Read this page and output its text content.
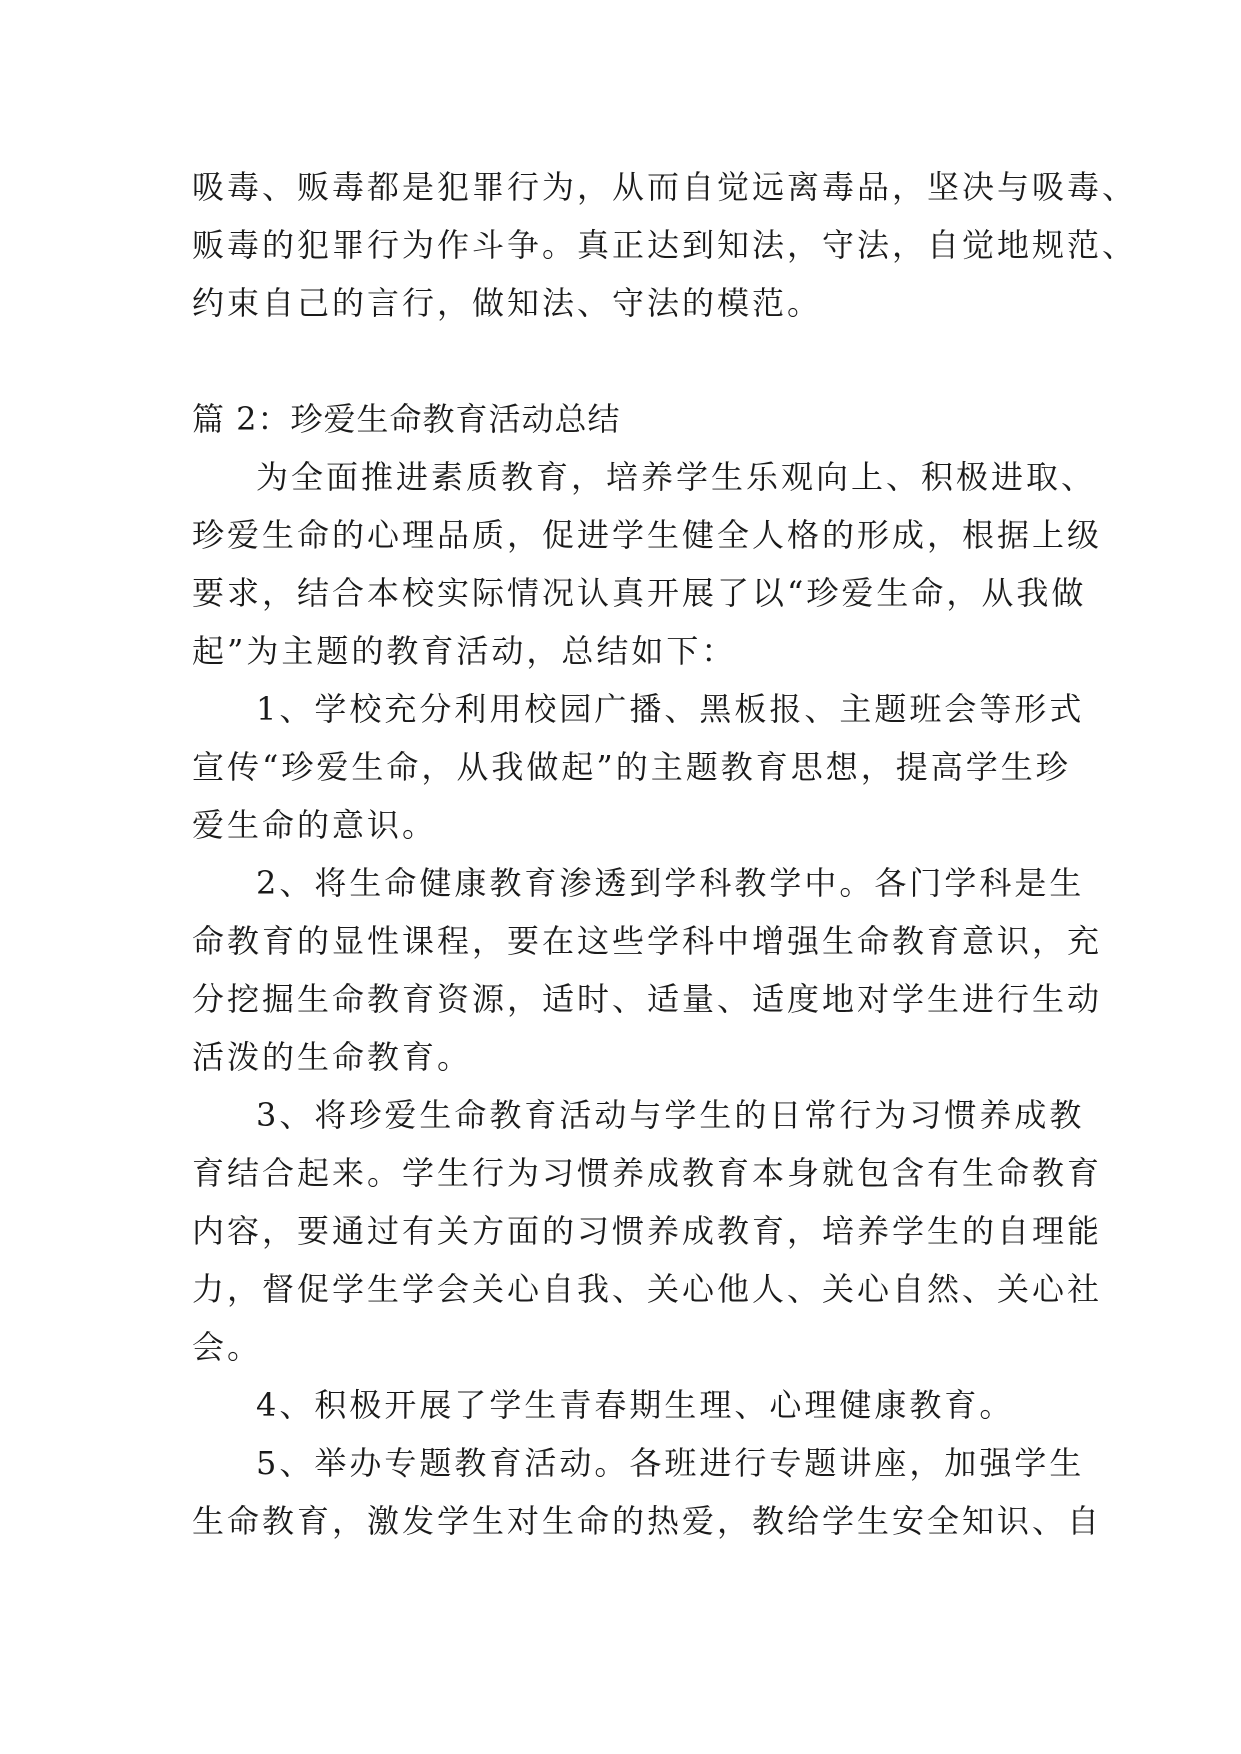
吸毒、贩毒都是犯罪行为，从而自觉远离毒品，坚决与吸毒、
贩毒的犯罪行为作斗争。真正达到知法，守法，自觉地规范、
约束自己的言行，做知法、守法的模范。
篇 2：珍爱生命教育活动总结
为全面推进素质教育，培养学生乐观向上、积极进取、
珍爱生命的心理品质，促进学生健全人格的形成，根据上级
要求，结合本校实际情况认真开展了以“珍爱生命，从我做
起”为主题的教育活动，总结如下：
1、学校充分利用校园广播、黑板报、主题班会等形式
宣传“珍爱生命，从我做起”的主题教育思想，提高学生珍
爱生命的意识。
2、将生命健康教育渗透到学科教学中。各门学科是生
命教育的显性课程，要在这些学科中增强生命教育意识，充
分挖掘生命教育资源，适时、适量、适度地对学生进行生动
活泼的生命教育。
3、将珍爱生命教育活动与学生的日常行为习惯养成教
育结合起来。学生行为习惯养成教育本身就包含有生命教育
内容，要通过有关方面的习惯养成教育，培养学生的自理能
力，督促学生学会关心自我、关心他人、关心自然、关心社
会。
4、积极开展了学生青春期生理、心理健康教育。
5、举办专题教育活动。各班进行专题讲座，加强学生
生命教育，激发学生对生命的热爱，教给学生安全知识、自
